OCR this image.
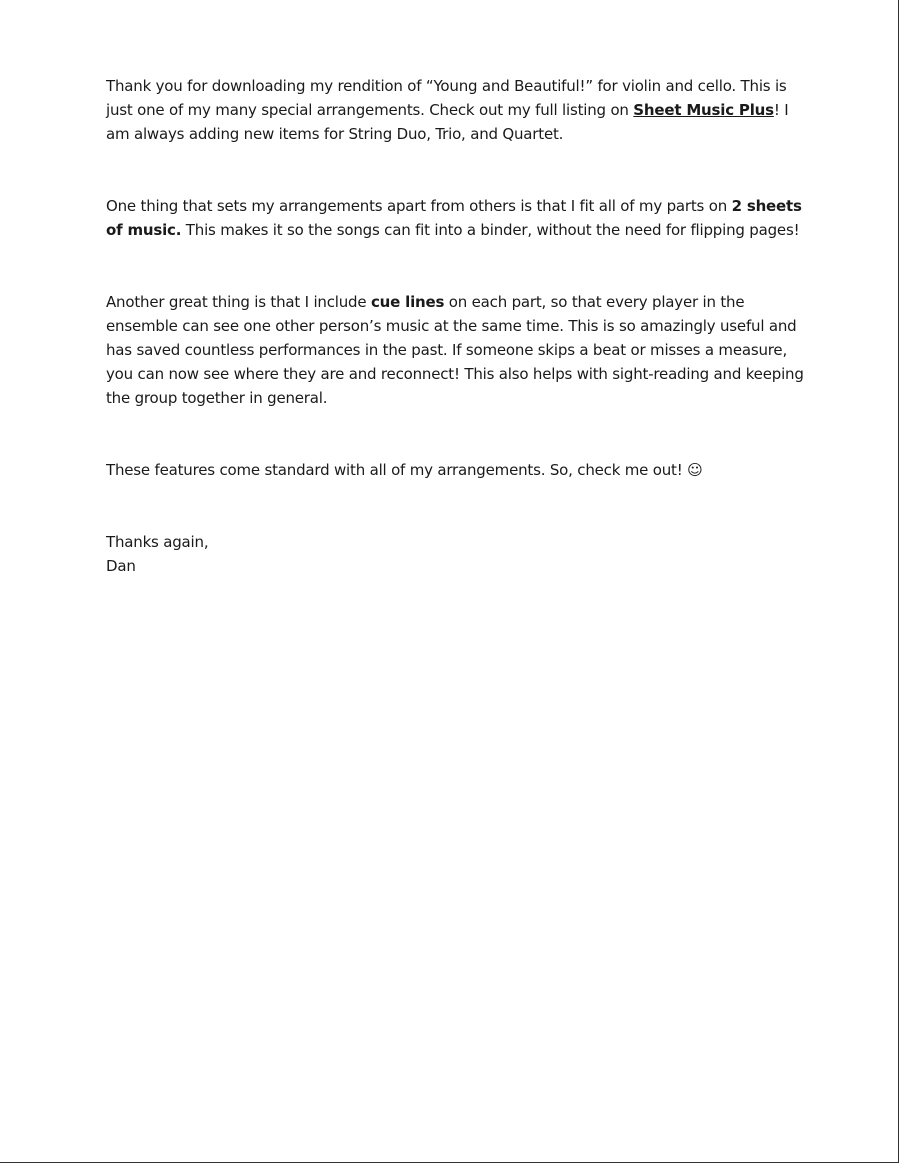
Thank you for downloading my rendition of “Young and Beautiful!” for violin and cello. This is just one of my many special arrangements. Check out my full listing on Sheet Music Plus! I am always adding new items for String Duo, Trio, and Quartet.

One thing that sets my arrangements apart from others is that I fit all of my parts on 2 sheets of music. This makes it so the songs can fit into a binder, without the need for flipping pages!

Another great thing is that I include cue lines on each part, so that every player in the ensemble can see one other person’s music at the same time. This is so amazingly useful and has saved countless performances in the past. If someone skips a beat or misses a measure, you can now see where they are and reconnect! This also helps with sight-reading and keeping the group together in general.

These features come standard with all of my arrangements. So, check me out! ☺

Thanks again,
Dan
